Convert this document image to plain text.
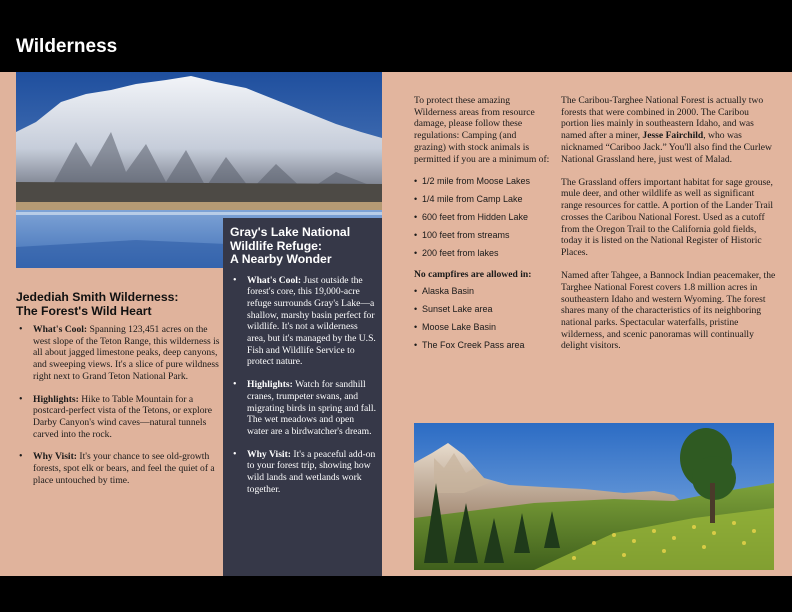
Wilderness
Jedediah Smith Wilderness:
The Forest's Wild Heart
• What's Cool: Spanning 123,451 acres on the west slope of the Teton Range, this wilderness is all about jagged limestone peaks, deep canyons, and sweeping views. It's a slice of pure wildness right next to Grand Teton National Park.
• Highlights: Hike to Table Mountain for a postcard-perfect vista of the Tetons, or explore Darby Canyon's wind caves—natural tunnels carved into the rock.
• Why Visit: It's your chance to see old-growth forests, spot elk or bears, and feel the quiet of a place untouched by time.
Gray's Lake National
Wildlife Refuge:
A Nearby Wonder
• What's Cool: Just outside the forest's core, this 19,000-acre refuge surrounds Gray's Lake—a shallow, marshy basin perfect for wildlife. It's not a wilderness area, but it's managed by the U.S. Fish and Wildlife Service to protect nature.
• Highlights: Watch for sandhill cranes, trumpeter swans, and migrating birds in spring and fall. The wet meadows and open water are a birdwatcher's dream.
• Why Visit: It's a peaceful add-on to your forest trip, showing how wild lands and wetlands work together.

To protect these amazing Wilderness areas from resource damage, please follow these regulations: Camping (and grazing) with stock animals is permitted if you are a minimum of:

• 1/2 mile from Moose Lakes
• 1/4 mile from Camp Lake
• 600 feet from Hidden Lake
• 100 feet from streams
• 200 feet from lakes
No campfires are allowed in:
• Alaska Basin
• Sunset Lake area
• Moose Lake Basin
• The Fox Creek Pass area

The Caribou-Targhee National Forest is actually two forests that were combined in 2000. The Caribou portion lies mainly in southeastern Idaho, and was named after a miner, Jesse Fairchild, who was nicknamed “Cariboo Jack.” You'll also find the Curlew National Grassland here, just west of Malad.

The Grassland offers important habitat for sage grouse, mule deer, and other wildlife as well as significant range resources for cattle. A portion of the Lander Trail crosses the Caribou National Forest. Used as a cutoff from the Oregon Trail to the California gold fields, today it is listed on the National Register of Historic Places.

Named after Tahgee, a Bannock Indian peacemaker, the Targhee National Forest covers 1.8 million acres in southeastern Idaho and western Wyoming. The forest shares many of the characteristics of its neighboring national parks. Spectacular waterfalls, pristine wilderness, and scenic panoramas will continually delight visitors.
